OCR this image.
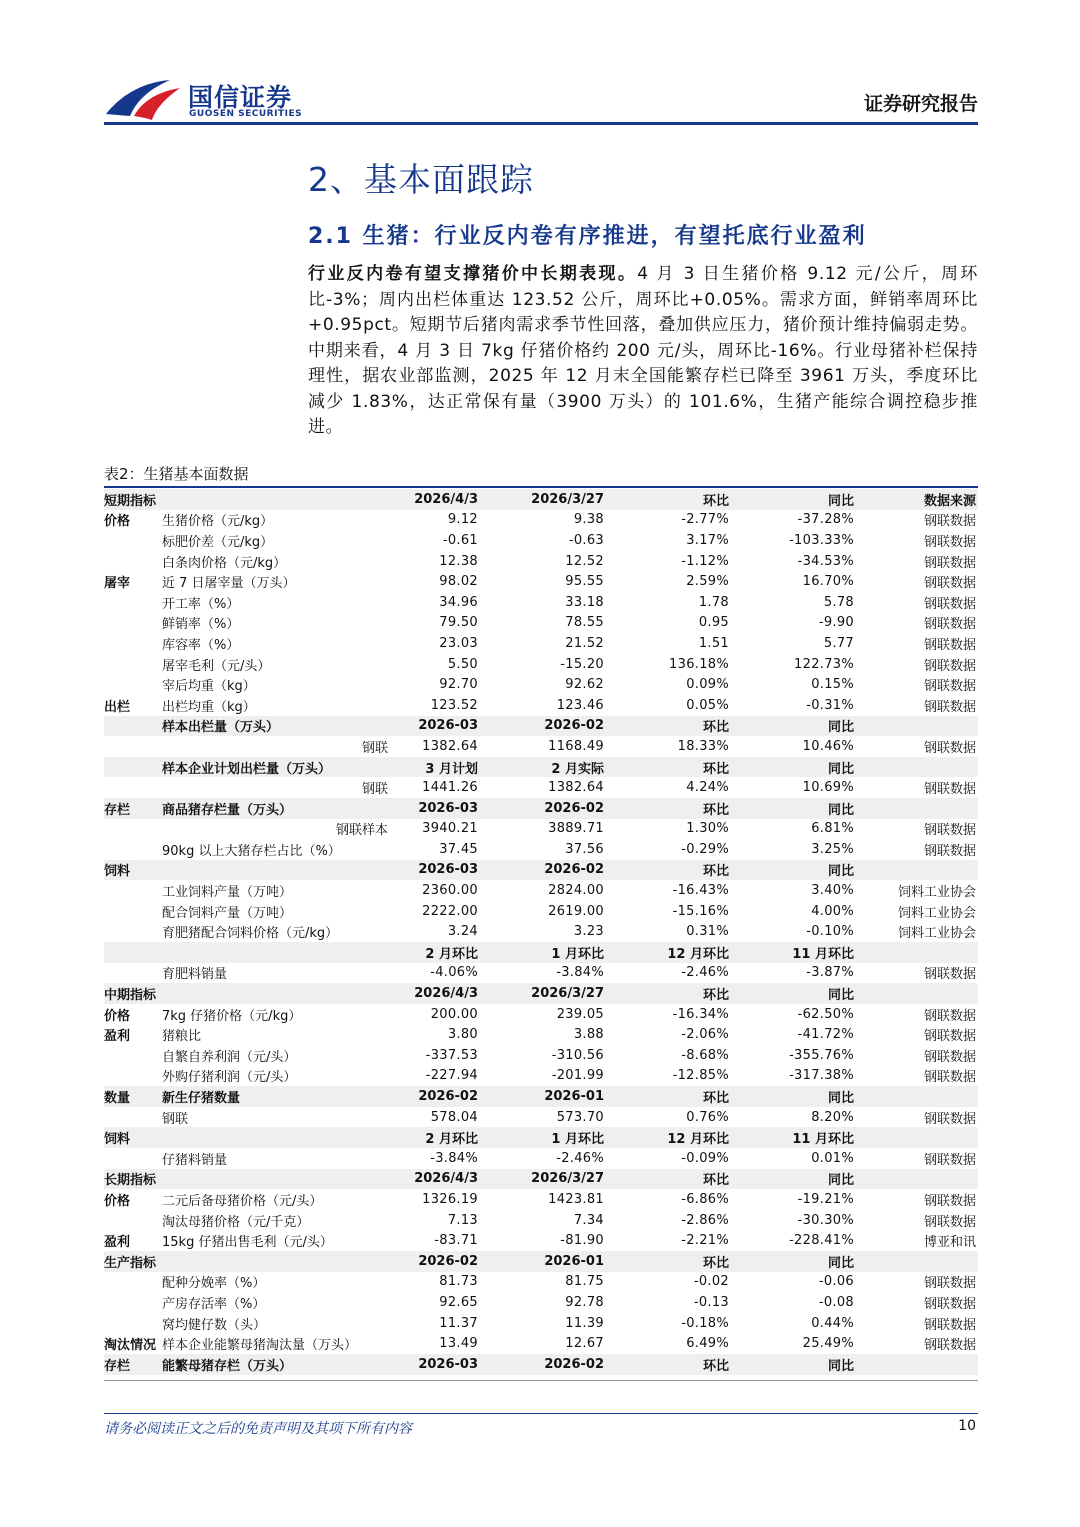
国信证券
GUOSEN SECURITIES	证券研究报告
2、基本面跟踪
2.1 生猪：行业反内卷有序推进，有望托底行业盈利
行业反内卷有望支撑猪价中长期表现。4 月 3 日生猪价格 9.12 元/公斤，周环比-3%；周内出栏体重达 123.52 公斤，周环比+0.05%。需求方面，鲜销率周环比+0.95pct。短期节后猪肉需求季节性回落，叠加供应压力，猪价预计维持偏弱走势。中期来看，4 月 3 日 7kg 仔猪价格约 200 元/头，周环比-16%。行业母猪补栏保持理性，据农业部监测，2025 年 12 月末全国能繁存栏已降至 3961 万头，季度环比减少 1.83%，达正常保有量（3900 万头）的 101.6%，生猪产能综合调控稳步推进。
表2：生猪基本面数据
短期指标		2026/4/3	2026/3/27	环比	同比	数据来源
价格	生猪价格（元/kg）	9.12	9.38	-2.77%	-37.28%	钢联数据
	标肥价差（元/kg）	-0.61	-0.63	3.17%	-103.33%	钢联数据
	白条肉价格（元/kg）	12.38	12.52	-1.12%	-34.53%	钢联数据
屠宰	近 7 日屠宰量（万头）	98.02	95.55	2.59%	16.70%	钢联数据
	开工率（%）	34.96	33.18	1.78	5.78	钢联数据
	鲜销率（%）	79.50	78.55	0.95	-9.90	钢联数据
	库容率（%）	23.03	21.52	1.51	5.77	钢联数据
	屠宰毛利（元/头）	5.50	-15.20	136.18%	122.73%	钢联数据
	宰后均重（kg）	92.70	92.62	0.09%	0.15%	钢联数据
出栏	出栏均重（kg）	123.52	123.46	0.05%	-0.31%	钢联数据
	样本出栏量（万头）	2026-03	2026-02	环比	同比	
	钢联	1382.64	1168.49	18.33%	10.46%	钢联数据
	样本企业计划出栏量（万头）	3 月计划	2 月实际	环比	同比	
	钢联	1441.26	1382.64	4.24%	10.69%	钢联数据
存栏	商品猪存栏量（万头）	2026-03	2026-02	环比	同比	
	钢联样本	3940.21	3889.71	1.30%	6.81%	钢联数据
	90kg 以上大猪存栏占比（%）	37.45	37.56	-0.29%	3.25%	钢联数据
饲料		2026-03	2026-02	环比	同比	
	工业饲料产量（万吨）	2360.00	2824.00	-16.43%	3.40%	饲料工业协会
	配合饲料产量（万吨）	2222.00	2619.00	-15.16%	4.00%	饲料工业协会
	育肥猪配合饲料价格（元/kg）	3.24	3.23	0.31%	-0.10%	饲料工业协会
		2 月环比	1 月环比	12 月环比	11 月环比	
	育肥料销量	-4.06%	-3.84%	-2.46%	-3.87%	钢联数据
中期指标		2026/4/3	2026/3/27	环比	同比	
价格	7kg 仔猪价格（元/kg）	200.00	239.05	-16.34%	-62.50%	钢联数据
盈利	猪粮比	3.80	3.88	-2.06%	-41.72%	钢联数据
	自繁自养利润（元/头）	-337.53	-310.56	-8.68%	-355.76%	钢联数据
	外购仔猪利润（元/头）	-227.94	-201.99	-12.85%	-317.38%	钢联数据
数量	新生仔猪数量	2026-02	2026-01	环比	同比	
	钢联	578.04	573.70	0.76%	8.20%	钢联数据
饲料		2 月环比	1 月环比	12 月环比	11 月环比	
	仔猪料销量	-3.84%	-2.46%	-0.09%	0.01%	钢联数据
长期指标		2026/4/3	2026/3/27	环比	同比	
价格	二元后备母猪价格（元/头）	1326.19	1423.81	-6.86%	-19.21%	钢联数据
	淘汰母猪价格（元/千克）	7.13	7.34	-2.86%	-30.30%	钢联数据
盈利	15kg 仔猪出售毛利（元/头）	-83.71	-81.90	-2.21%	-228.41%	博亚和讯
生产指标		2026-02	2026-01	环比	同比	
	配种分娩率（%）	81.73	81.75	-0.02	-0.06	钢联数据
	产房存活率（%）	92.65	92.78	-0.13	-0.08	钢联数据
	窝均健仔数（头）	11.37	11.39	-0.18%	0.44%	钢联数据
淘汰情况	样本企业能繁母猪淘汰量（万头）	13.49	12.67	6.49%	25.49%	钢联数据
存栏	能繁母猪存栏（万头）	2026-03	2026-02	环比	同比	
请务必阅读正文之后的免责声明及其项下所有内容	10
